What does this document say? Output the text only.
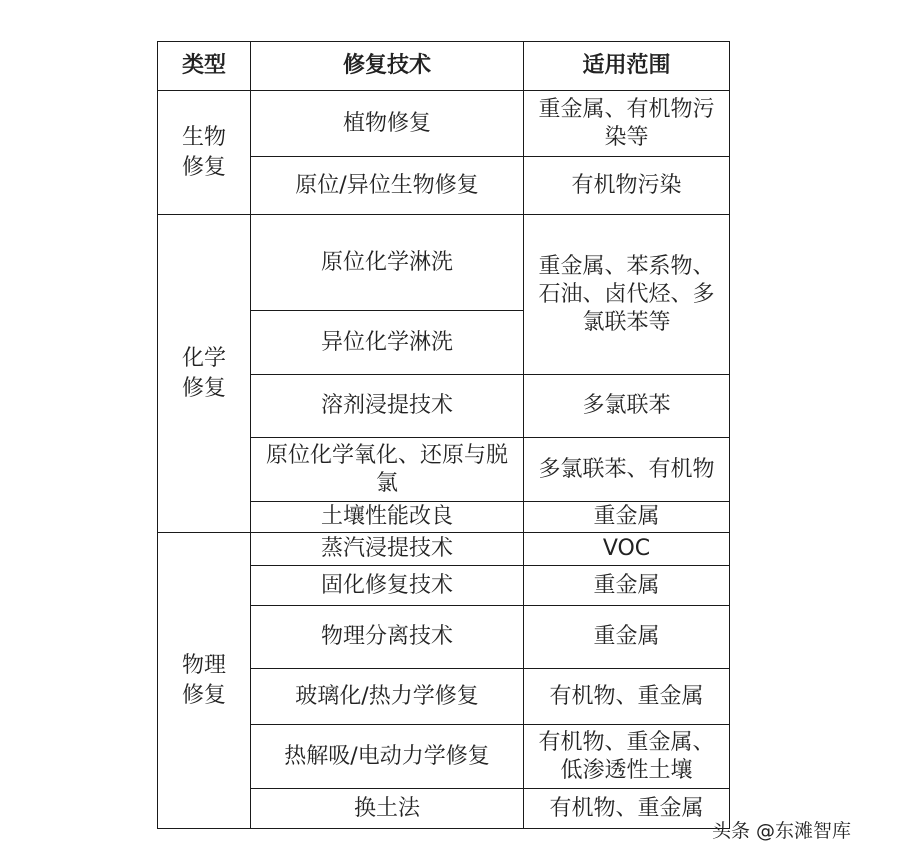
类型	修复技术	适用范围
生物修复	植物修复	重金属、有机物污染等
	原位/异位生物修复	有机物污染
化学修复	原位化学淋洗	重金属、苯系物、石油、卤代烃、多氯联苯等
	异位化学淋洗	
	溶剂浸提技术	多氯联苯
	原位化学氧化、还原与脱氯	多氯联苯、有机物
	土壤性能改良	重金属
物理修复	蒸汽浸提技术	VOC
	固化修复技术	重金属
	物理分离技术	重金属
	玻璃化/热力学修复	有机物、重金属
	热解吸/电动力学修复	有机物、重金属、低渗透性土壤
	换土法	有机物、重金属
头条 @东滩智库
